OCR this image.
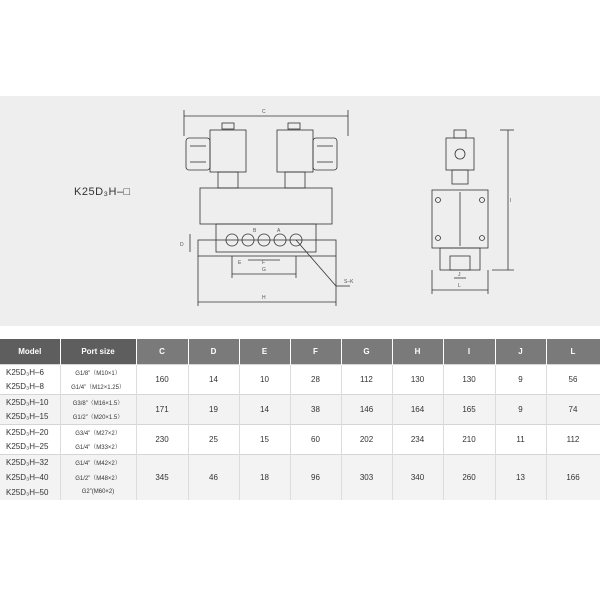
K25D₃H–□
C
B	A
D
E	F
G
H
S–K
I
J
L
Model	Port size	C	D	E	F	G	H	I	J	L
K25D₃H–6	G1/8”（M10×1）	160	14	10	28	112	130	130	9	56
K25D₃H–8	G1/4”（M12×1.25）									
K25D₃H–10	G3/8”（M16×1.5）	171	19	14	38	146	164	165	9	74
K25D₃H–15	G1/2”（M20×1.5）									
K25D₃H–20	G3/4”（M27×2）	230	25	15	60	202	234	210	11	112
K25D₃H–25	G1/4”（M33×2）									
K25D₃H–32	G1/4”（M42×2）	345	46	18	96	303	340	260	13	166
K25D₃H–40	G1/2”（M48×2）									
K25D₃H–50	G2”(M60×2)									
